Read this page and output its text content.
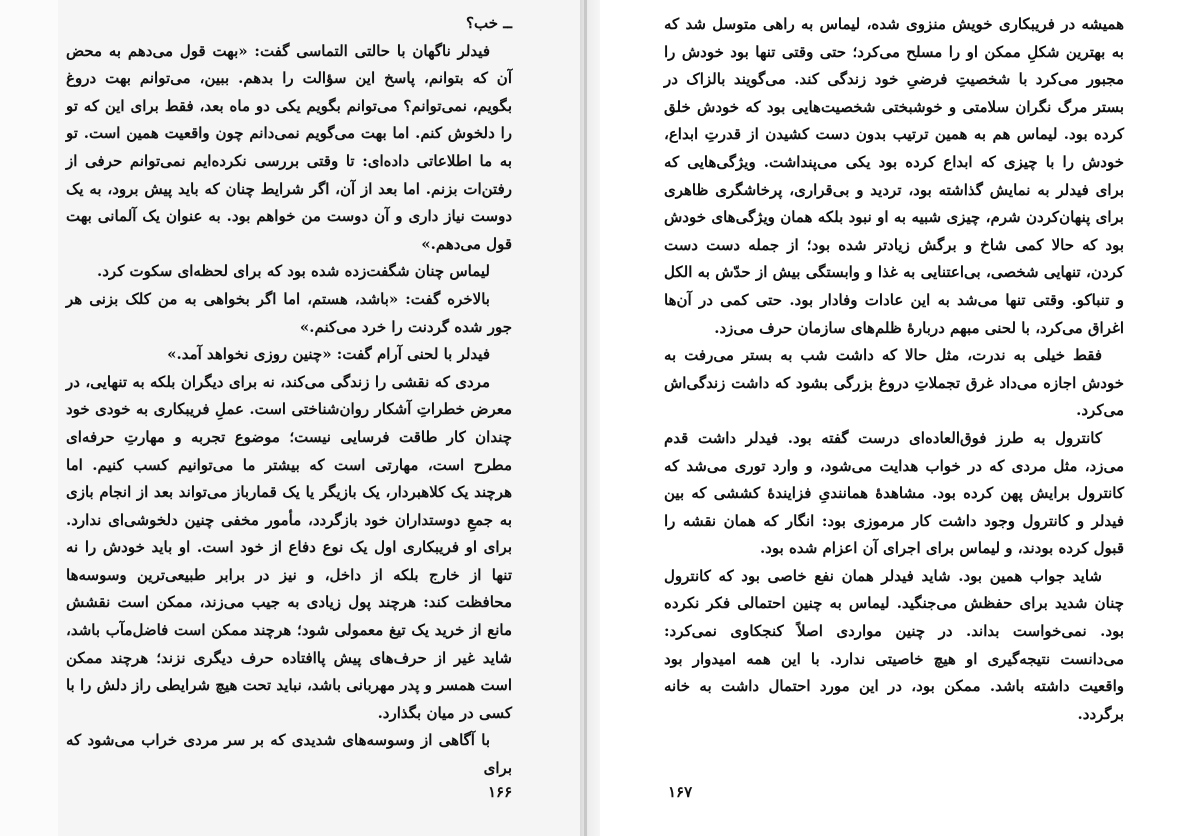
ــ خب؟

فیدلر ناگهان با حالتی التماسی گفت: «بهت قول می‌دهم به محض آن که بتوانم، پاسخ این سؤالت را بدهم. ببین، می‌توانم بهت دروغ بگویم، نمی‌توانم؟ می‌توانم بگویم یکی دو ماه بعد، فقط برای این که تو را دلخوش کنم. اما بهت می‌گویم نمی‌دانم چون واقعیت همین است. تو به ما اطلاعاتی داده‌ای: تا وقتی بررسی نکرده‌ایم نمی‌توانم حرفی از رفتن‌ات بزنم. اما بعد از آن، اگر شرایط چنان که باید پیش برود، به یک دوست نیاز داری و آن دوست من خواهم بود. به عنوان یک آلمانی بهت قول می‌دهم.»

لیماس چنان شگفت‌زده شده بود که برای لحظه‌ای سکوت کرد.

بالاخره گفت: «باشد، هستم، اما اگر بخواهی به من کلک بزنی هر جور شده گردنت را خرد می‌کنم.»

فیدلر با لحنی آرام گفت: «چنین روزی نخواهد آمد.»

مردی که نقشی را زندگی می‌کند، نه برای دیگران بلکه به تنهایی، در معرض خطراتِ آشکار روان‌شناختی است. عملِ فریبکاری به خودی خود چندان کار طاقت فرسایی نیست؛ موضوع تجربه و مهارتِ حرفه‌ای مطرح است، مهارتی است که بیشتر ما می‌توانیم کسب کنیم. اما هرچند یک کلاهبردار، یک بازیگر یا یک قمارباز می‌تواند بعد از انجام بازی به جمعِ دوستداران خود بازگردد، مأمور مخفی چنین دلخوشی‌ای ندارد. برای او فریبکاری اول یک نوع دفاع از خود است. او باید خودش را نه تنها از خارج بلکه از داخل، و نیز در برابر طبیعی‌ترین وسوسه‌ها محافظت کند: هرچند پول زیادی به جیب می‌زند، ممکن است نقشش مانع از خرید یک تیغ معمولی شود؛ هرچند ممکن است فاضل‌مآب باشد، شاید غیر از حرف‌های پیش پاافتاده حرف دیگری نزند؛ هرچند ممکن است همسر و پدر مهربانی باشد، نباید تحت هیچ شرایطی راز دلش را با کسی در میان بگذارد.

با آگاهی از وسوسه‌های شدیدی که بر سر مردی خراب می‌شود که برای

۱۶۶

همیشه در فریبکاری خویش منزوی شده، لیماس به راهی متوسل شد که به بهترین شکلِ ممکن او را مسلح می‌کرد؛ حتی وقتی تنها بود خودش را مجبور می‌کرد با شخصیتِ فرضیِ خود زندگی کند. می‌گویند بالزاک در بستر مرگ نگران سلامتی و خوشبختی شخصیت‌هایی بود که خودش خلق کرده بود. لیماس هم به همین ترتیب بدون دست کشیدن از قدرتِ ابداع، خودش را با چیزی که ابداع کرده بود یکی می‌پنداشت. ویژگی‌هایی که برای فیدلر به نمایش گذاشته بود، تردید و بی‌قراری، پرخاشگری ظاهری برای پنهان‌کردن شرم، چیزی شبیه به او نبود بلکه همان ویژگی‌های خودش بود که حالا کمی شاخ و برگش زیادتر شده بود؛ از جمله دست دست کردن، تنهایی شخصی، بی‌اعتنایی به غذا و وابستگی بیش از حدّش به الکل و تنباکو. وقتی تنها می‌شد به این عادات وفادار بود. حتی کمی در آن‌ها اغراق می‌کرد، با لحنی مبهم دربارهٔ ظلم‌های سازمان حرف می‌زد.

فقط خیلی به ندرت، مثل حالا که داشت شب به بستر می‌رفت به خودش اجازه می‌داد غرق تجملاتِ دروغ بزرگی بشود که داشت زندگی‌اش می‌کرد.

کانترول به طرز فوق‌العاده‌ای درست گفته بود. فیدلر داشت قدم می‌زد، مثل مردی که در خواب هدایت می‌شود، و وارد توری می‌شد که کانترول برایش پهن کرده بود. مشاهدهٔ همانندیِ فزایندهٔ کششی که بین فیدلر و کانترول وجود داشت کار مرموزی بود: انگار که همان نقشه را قبول کرده بودند، و لیماس برای اجرای آن اعزام شده بود.

شاید جواب همین بود. شاید فیدلر همان نفع خاصی بود که کانترول چنان شدید برای حفظش می‌جنگید. لیماس به چنین احتمالی فکر نکرده بود. نمی‌خواست بداند. در چنین مواردی اصلاً کنجکاوی نمی‌کرد: می‌دانست نتیجه‌گیری او هیچ خاصیتی ندارد. با این همه امیدوار بود واقعیت داشته باشد. ممکن بود، در این مورد احتمال داشت به خانه برگردد.

۱۶۷
